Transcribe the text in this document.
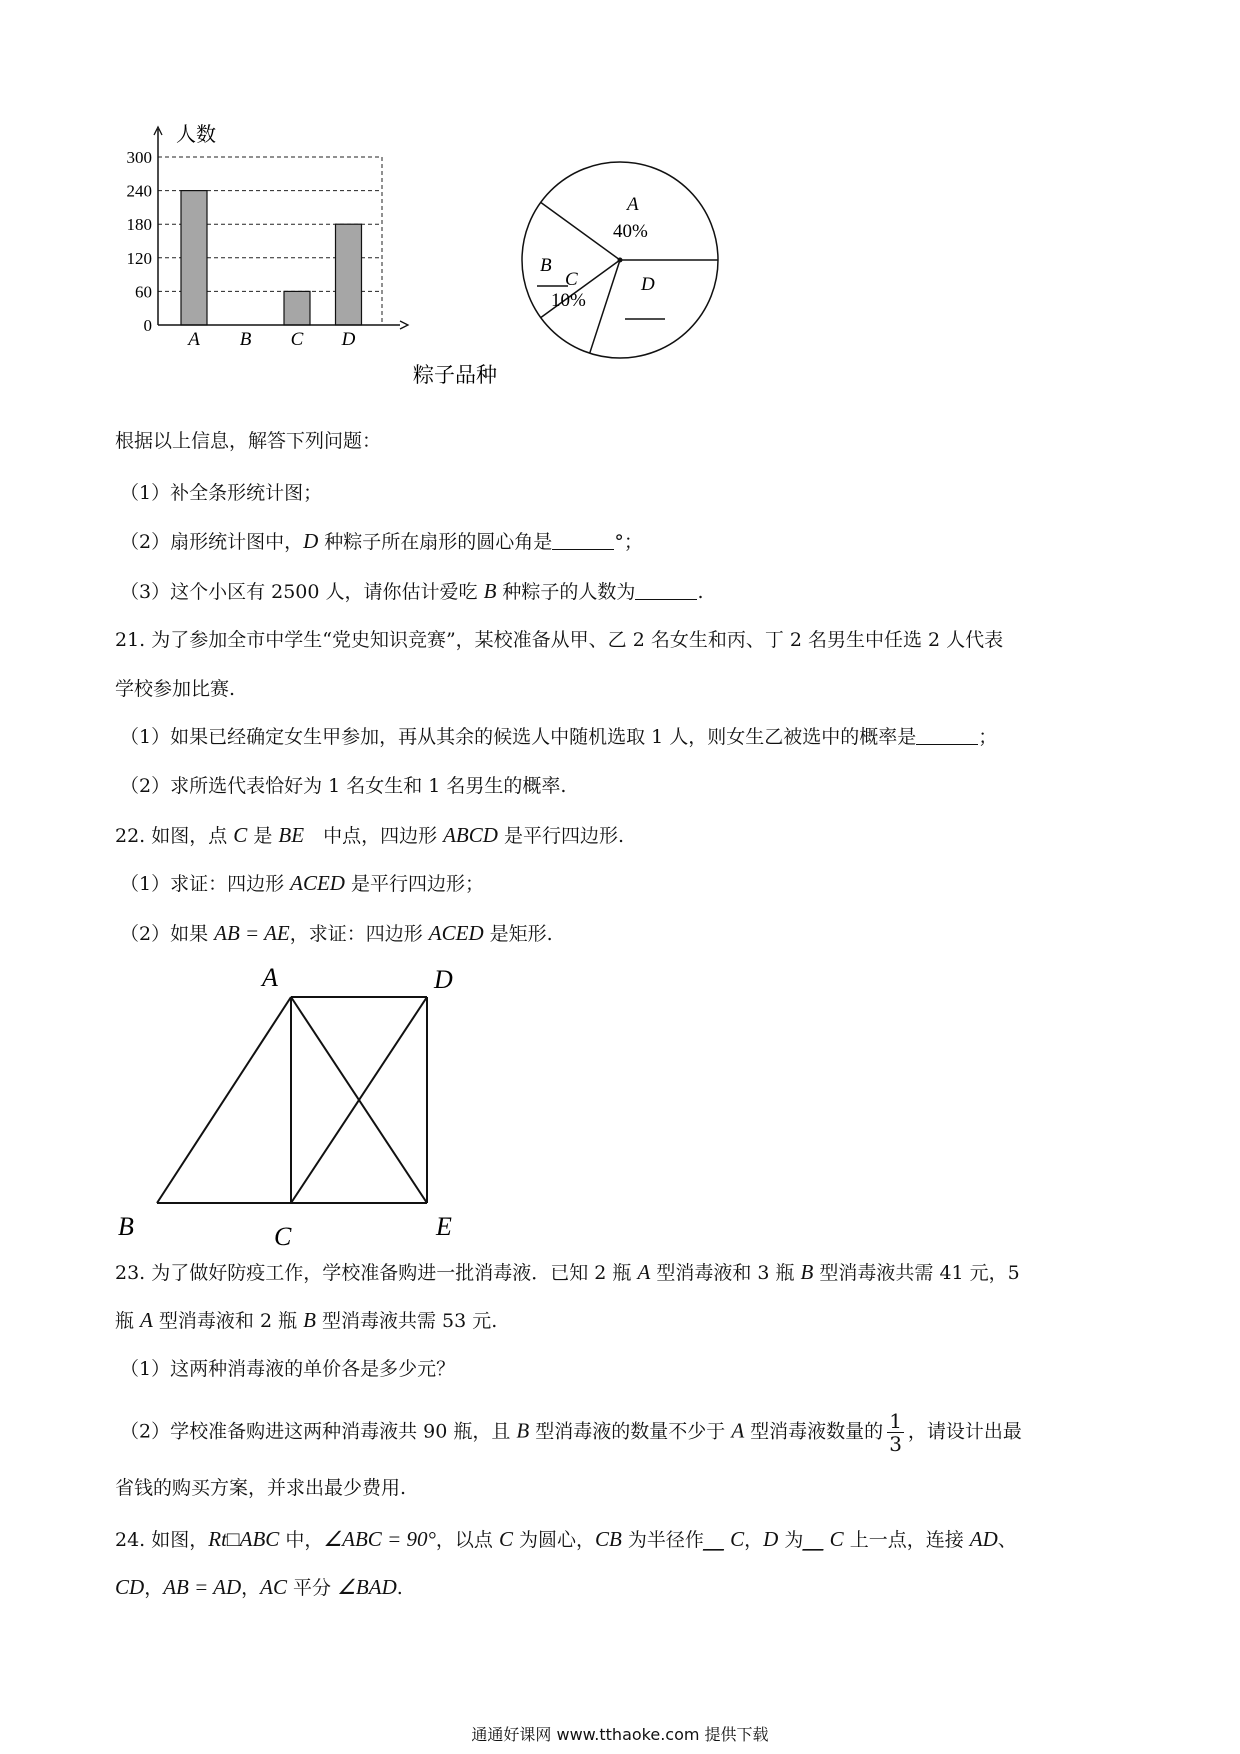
0
60
120
180
240
300
A B C D
人数
粽子品种
A
40%
B
C
10%
D
根据以上信息，解答下列问题：
（1）补全条形统计图；
（2）扇形统计图中，D 种粽子所在扇形的圆心角是	°；
（3）这个小区有 2500 人，请你估计爱吃 B 种粽子的人数为	.
21. 为了参加全市中学生“党史知识竞赛”，某校准备从甲、乙 2 名女生和丙、丁 2 名男生中任选 2 人代表
学校参加比赛.
（1）如果已经确定女生甲参加，再从其余的候选人中随机选取 1 人，则女生乙被选中的概率是	；
（2）求所选代表恰好为 1 名女生和 1 名男生的概率.
22. 如图，点 C 是 BE　中点，四边形 ABCD 是平行四边形.
（1）求证：四边形 ACED 是平行四边形；
（2）如果 AB = AE，求证：四边形 ACED 是矩形.
A	D
B	C	E
23. 为了做好防疫工作，学校准备购进一批消毒液．已知 2 瓶 A 型消毒液和 3 瓶 B 型消毒液共需 41 元，5
瓶 A 型消毒液和 2 瓶 B 型消毒液共需 53 元.
（1）这两种消毒液的单价各是多少元？
（2）学校准备购进这两种消毒液共 90 瓶，且 B 型消毒液的数量不少于 A 型消毒液数量的 $\frac{1}{3}$ ，请设计出最
省钱的购买方案，并求出最少费用.
24. 如图，Rt□ABC 中，∠ABC = 90°，以点 C 为圆心，CB 为半径作⎽ C，D 为⎽ C 上一点，连接 AD、
CD，AB = AD，AC 平分 ∠BAD.
通通好课网 www.tthaoke.com 提供下载
